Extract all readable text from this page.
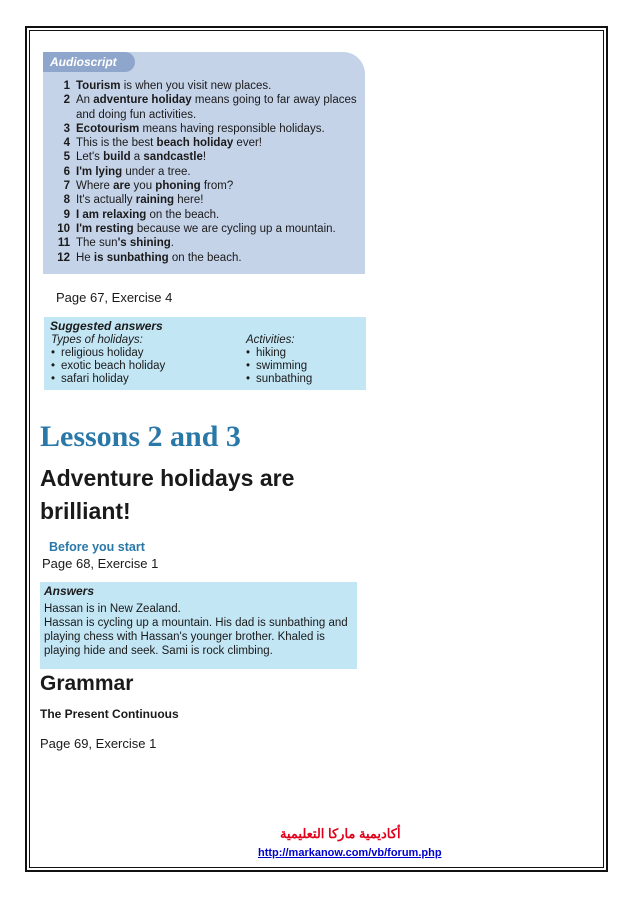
Audioscript
1 Tourism is when you visit new places.
2 An adventure holiday means going to far away places and doing fun activities.
3 Ecotourism means having responsible holidays.
4 This is the best beach holiday ever!
5 Let's build a sandcastle!
6 I'm lying under a tree.
7 Where are you phoning from?
8 It's actually raining here!
9 I am relaxing on the beach.
10 I'm resting because we are cycling up a mountain.
11 The sun's shining.
12 He is sunbathing on the beach.
Page 67, Exercise 4
Suggested answers
Types of holidays:
• religious holiday
• exotic beach holiday
• safari holiday
Activities:
• hiking
• swimming
• sunbathing
Lessons 2 and 3
Adventure holidays are brilliant!
Before you start
Page 68, Exercise 1
Answers
Hassan is in New Zealand.
Hassan is cycling up a mountain. His dad is sunbathing and playing chess with Hassan's younger brother. Khaled is playing hide and seek. Sami is rock climbing.
Grammar
The Present Continuous
Page 69, Exercise 1
أكاديمية ماركا التعليمية
http://markanow.com/vb/forum.php
